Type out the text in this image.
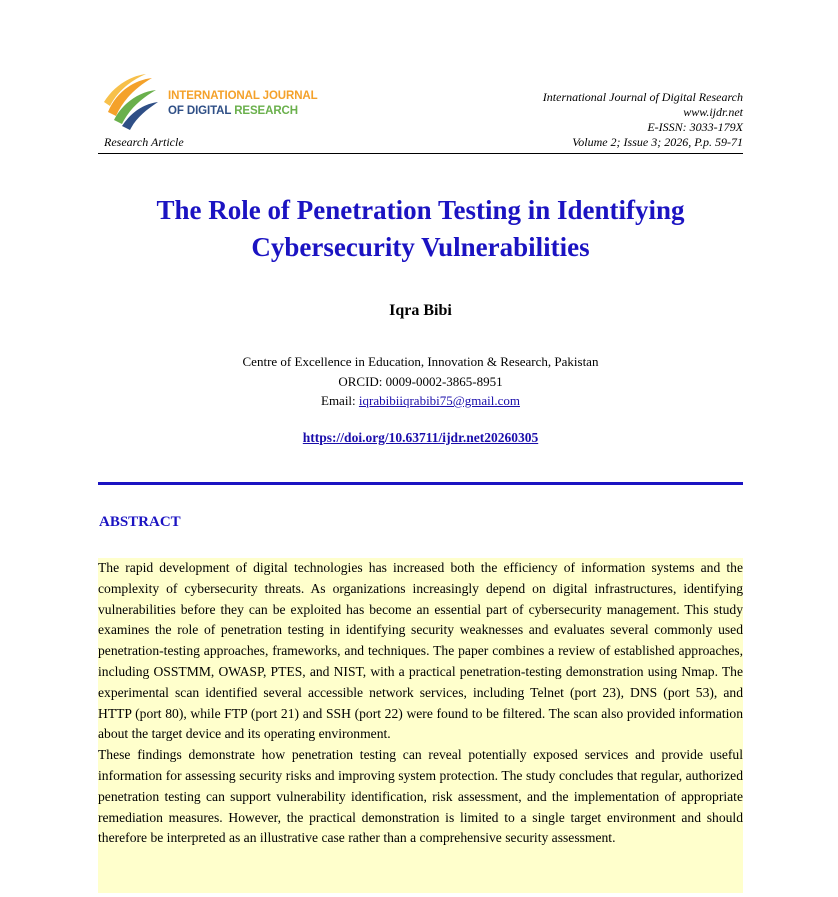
INTERNATIONAL JOURNAL
OF DIGITAL RESEARCH
Research Article
International Journal of Digital Research
www.ijdr.net
E-ISSN: 3033-179X
Volume 2; Issue 3; 2026, P.p. 59-71
The Role of Penetration Testing in Identifying
Cybersecurity Vulnerabilities
Iqra Bibi
Centre of Excellence in Education, Innovation & Research, Pakistan
ORCID: 0009-0002-3865-8951
Email: iqrabibiiqrabibi75@gmail.com
https://doi.org/10.63711/ijdr.net20260305
ABSTRACT

The rapid development of digital technologies has increased both the efficiency of information systems and the complexity of cybersecurity threats. As organizations increasingly depend on digital infrastructures, identifying vulnerabilities before they can be exploited has become an essential part of cybersecurity management. This study examines the role of penetration testing in identifying security weaknesses and evaluates several commonly used penetration-testing approaches, frameworks, and techniques. The paper combines a review of established approaches, including OSSTMM, OWASP, PTES, and NIST, with a practical penetration-testing demonstration using Nmap. The experimental scan identified several accessible network services, including Telnet (port 23), DNS (port 53), and HTTP (port 80), while FTP (port 21) and SSH (port 22) were found to be filtered. The scan also provided information about the target device and its operating environment.

These findings demonstrate how penetration testing can reveal potentially exposed services and provide useful information for assessing security risks and improving system protection. The study concludes that regular, authorized penetration testing can support vulnerability identification, risk assessment, and the implementation of appropriate remediation measures. However, the practical demonstration is limited to a single target environment and should therefore be interpreted as an illustrative case rather than a comprehensive security assessment.
